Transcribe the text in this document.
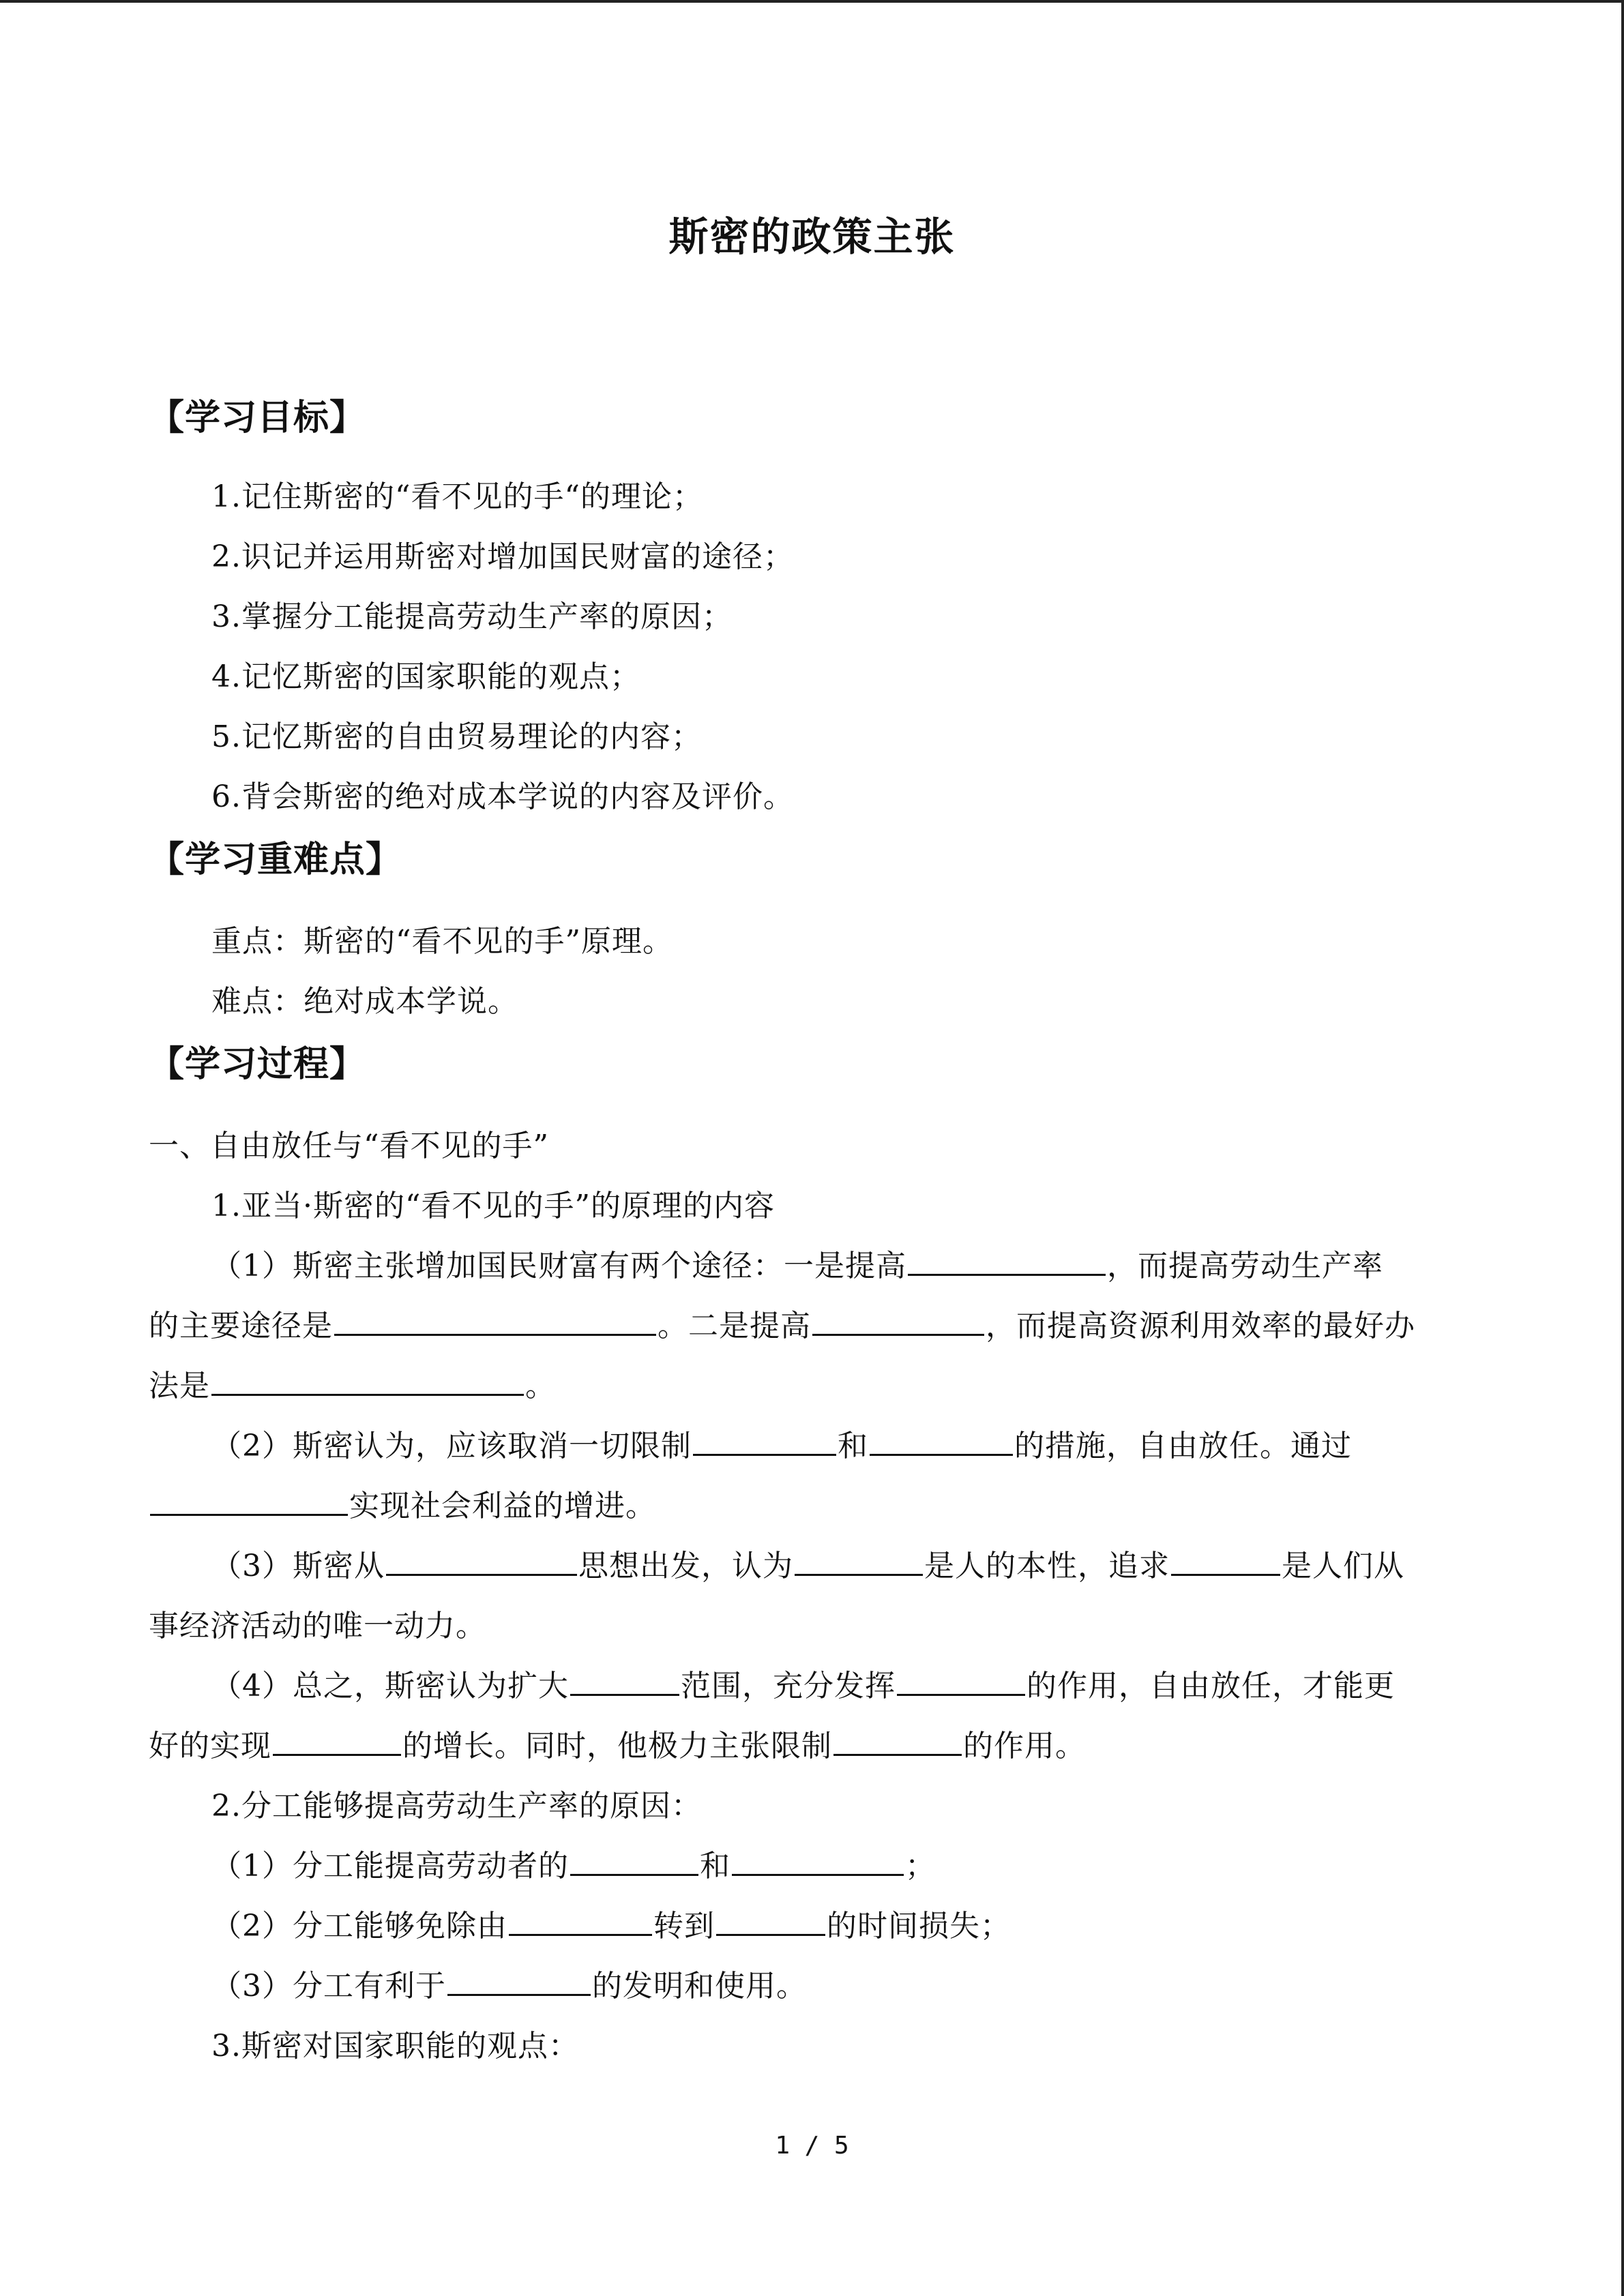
斯密的政策主张
【学习目标】
1.记住斯密的“看不见的手“的理论；
2.识记并运用斯密对增加国民财富的途径；
3.掌握分工能提高劳动生产率的原因；
4.记忆斯密的国家职能的观点；
5.记忆斯密的自由贸易理论的内容；
6.背会斯密的绝对成本学说的内容及评价。
【学习重难点】
重点：斯密的“看不见的手”原理。
难点：绝对成本学说。
【学习过程】
一、自由放任与“看不见的手”
1.亚当·斯密的“看不见的手”的原理的内容
（1）斯密主张增加国民财富有两个途径：一是提高	，而提高劳动生产率
的主要途径是	。二是提高	，而提高资源利用效率的最好办
法是	。
（2）斯密认为，应该取消一切限制	和	的措施，自由放任。通过
实现社会利益的增进。
（3）斯密从	思想出发，认为	是人的本性，追求	是人们从
事经济活动的唯一动力。
（4）总之，斯密认为扩大	范围，充分发挥	的作用，自由放任，才能更
好的实现	的增长。同时，他极力主张限制	的作用。
2.分工能够提高劳动生产率的原因：
（1）分工能提高劳动者的	和	；
（2）分工能够免除由	转到	的时间损失；
（3）分工有利于	的发明和使用。
3.斯密对国家职能的观点：
1 / 5
